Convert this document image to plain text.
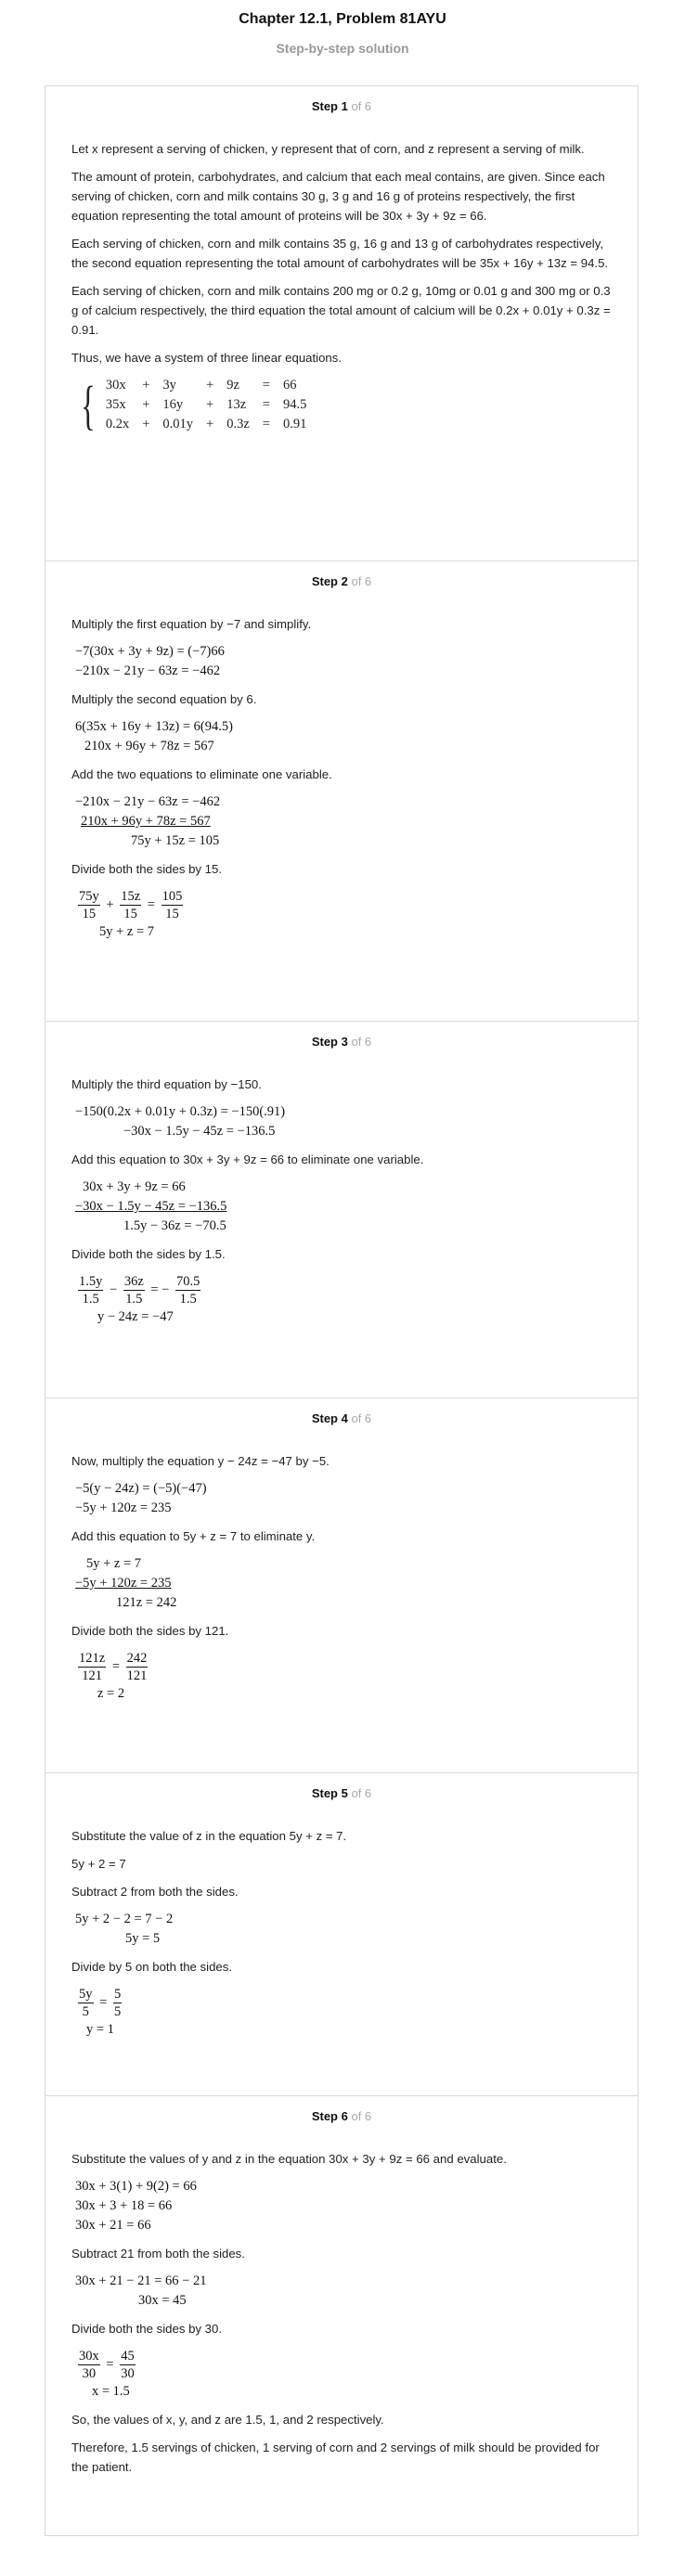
Chapter 12.1, Problem 81AYU
Step-by-step solution
Step 1 of 6

Let x represent a serving of chicken, y represent that of corn, and z represent a serving of milk.

The amount of protein, carbohydrates, and calcium that each meal contains, are given. Since each serving of chicken, corn and milk contains 30 g, 3 g and 16 g of proteins respectively, the first equation representing the total amount of proteins will be 30x + 3y + 9z = 66.

Each serving of chicken, corn and milk contains 35 g, 16 g and 13 g of carbohydrates respectively, the second equation representing the total amount of carbohydrates will be 35x + 16y + 13z = 94.5.

Each serving of chicken, corn and milk contains 200 mg or 0.2 g, 10mg or 0.01 g and 300 mg or 0.3 g of calcium respectively, the third equation the total amount of calcium will be 0.2x + 0.01y + 0.3z = 0.91.

Thus, we have a system of three linear equations.

{ 30x	+	3y	+	9z	=	66
35x	+	16y	+	13z	=	94.5
0.2x	+	0.01y	+	0.3z	=	0.91
Step 2 of 6

Multiply the first equation by −7 and simplify.

−7(30x + 3y + 9z) = (−7)66
−210x − 21y − 63z = −462

Multiply the second equation by 6.

6(35x + 16y + 13z) = 6(94.5)
210x + 96y + 78z = 567

Add the two equations to eliminate one variable.

−210x − 21y − 63z = −462
210x + 96y + 78z = 567
75y + 15z = 105

Divide both the sides by 15.

$\frac{75y}{15} + \frac{15z}{15} = \frac{105}{15}$
5y + z = 7
Step 3 of 6

Multiply the third equation by −150.

−150(0.2x + 0.01y + 0.3z) = −150(.91)
−30x − 1.5y − 45z = −136.5

Add this equation to 30x + 3y + 9z = 66 to eliminate one variable.

30x + 3y + 9z = 66
−30x − 1.5y − 45z = −136.5
1.5y − 36z = −70.5

Divide both the sides by 1.5.

$\frac{1.5y}{1.5} - \frac{36z}{1.5}$ = − $\frac{70.5}{1.5}$
y − 24z = −47
Step 4 of 6

Now, multiply the equation y − 24z = −47 by −5.

−5(y − 24z) = (−5)(−47)
−5y + 120z = 235

Add this equation to 5y + z = 7 to eliminate y.

5y + z = 7
−5y + 120z = 235
121z = 242

Divide both the sides by 121.

$\frac{121z}{121} = \frac{242}{121}$
z = 2
Step 5 of 6

Substitute the value of z in the equation 5y + z = 7.

5y + 2 = 7

Subtract 2 from both the sides.

5y + 2 − 2 = 7 − 2
5y = 5

Divide by 5 on both the sides.

$\frac{5y}{5} = \frac{5}{5}$
y = 1
Step 6 of 6

Substitute the values of y and z in the equation 30x + 3y + 9z = 66 and evaluate.

30x + 3(1) + 9(2) = 66
30x + 3 + 18 = 66
30x + 21 = 66

Subtract 21 from both the sides.

30x + 21 − 21 = 66 − 21
30x = 45

Divide both the sides by 30.

$\frac{30x}{30} = \frac{45}{30}$
x = 1.5

So, the values of x, y, and z are 1.5, 1, and 2 respectively.

Therefore, 1.5 servings of chicken, 1 serving of corn and 2 servings of milk should be provided for the patient.
